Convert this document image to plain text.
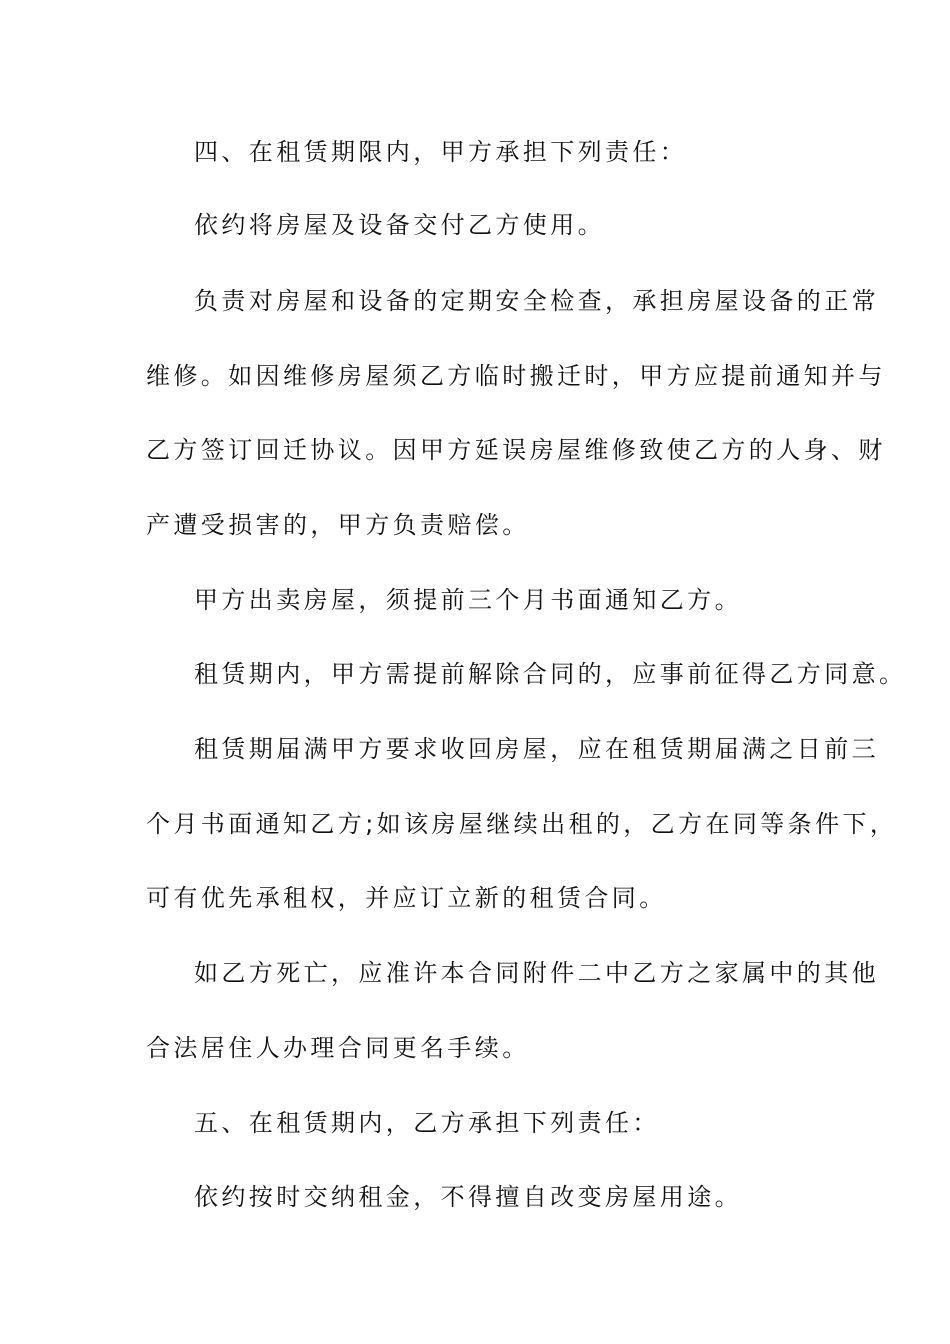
四、在租赁期限内，甲方承担下列责任：
依约将房屋及设备交付乙方使用。
负责对房屋和设备的定期安全检查，承担房屋设备的正常
维修。如因维修房屋须乙方临时搬迁时，甲方应提前通知并与
乙方签订回迁协议。因甲方延误房屋维修致使乙方的人身、财
产遭受损害的，甲方负责赔偿。
甲方出卖房屋，须提前三个月书面通知乙方。
租赁期内，甲方需提前解除合同的，应事前征得乙方同意。
租赁期届满甲方要求收回房屋，应在租赁期届满之日前三
个月书面通知乙方;如该房屋继续出租的，乙方在同等条件下，
可有优先承租权，并应订立新的租赁合同。
如乙方死亡，应准许本合同附件二中乙方之家属中的其他
合法居住人办理合同更名手续。
五、在租赁期内，乙方承担下列责任：
依约按时交纳租金，不得擅自改变房屋用途。
